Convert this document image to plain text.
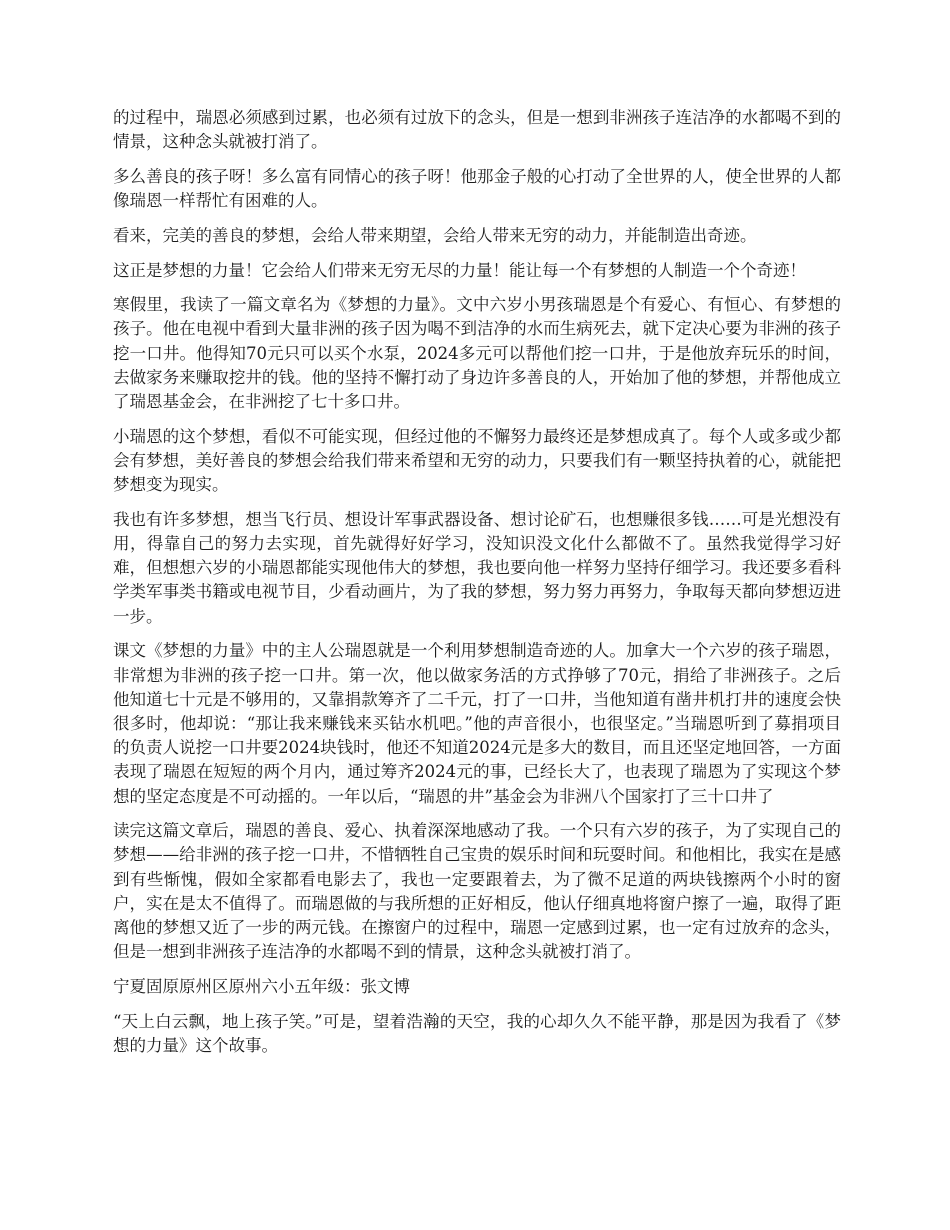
的过程中，瑞恩必须感到过累，也必须有过放下的念头，但是一想到非洲孩子连洁净的水都喝不到的情景，这种念头就被打消了。

多么善良的孩子呀！多么富有同情心的孩子呀！他那金子般的心打动了全世界的人，使全世界的人都像瑞恩一样帮忙有困难的人。

看来，完美的善良的梦想，会给人带来期望，会给人带来无穷的动力，并能制造出奇迹。

这正是梦想的力量！它会给人们带来无穷无尽的力量！能让每一个有梦想的人制造一个个奇迹！

寒假里，我读了一篇文章名为《梦想的力量》。文中六岁小男孩瑞恩是个有爱心、有恒心、有梦想的孩子。他在电视中看到大量非洲的孩子因为喝不到洁净的水而生病死去，就下定决心要为非洲的孩子挖一口井。他得知70元只可以买个水泵，2024多元可以帮他们挖一口井，于是他放弃玩乐的时间，去做家务来赚取挖井的钱。他的坚持不懈打动了身边许多善良的人，开始加了他的梦想，并帮他成立了瑞恩基金会，在非洲挖了七十多口井。

小瑞恩的这个梦想，看似不可能实现，但经过他的不懈努力最终还是梦想成真了。每个人或多或少都会有梦想，美好善良的梦想会给我们带来希望和无穷的动力，只要我们有一颗坚持执着的心，就能把梦想变为现实。

我也有许多梦想，想当飞行员、想设计军事武器设备、想讨论矿石，也想赚很多钱……可是光想没有用，得靠自己的努力去实现，首先就得好好学习，没知识没文化什么都做不了。虽然我觉得学习好难，但想想六岁的小瑞恩都能实现他伟大的梦想，我也要向他一样努力坚持仔细学习。我还要多看科学类军事类书籍或电视节目，少看动画片，为了我的梦想，努力努力再努力，争取每天都向梦想迈进一步。

课文《梦想的力量》中的主人公瑞恩就是一个利用梦想制造奇迹的人。加拿大一个六岁的孩子瑞恩，非常想为非洲的孩子挖一口井。第一次，他以做家务活的方式挣够了70元，捐给了非洲孩子。之后他知道七十元是不够用的，又靠捐款筹齐了二千元，打了一口井，当他知道有凿井机打井的速度会快很多时，他却说：“那让我来赚钱来买钻水机吧。”他的声音很小，也很坚定。”当瑞恩听到了募捐项目的负责人说挖一口井要2024块钱时，他还不知道2024元是多大的数目，而且还坚定地回答，一方面表现了瑞恩在短短的两个月内，通过筹齐2024元的事，已经长大了，也表现了瑞恩为了实现这个梦想的坚定态度是不可动摇的。一年以后，“瑞恩的井”基金会为非洲八个国家打了三十口井了

读完这篇文章后，瑞恩的善良、爱心、执着深深地感动了我。一个只有六岁的孩子，为了实现自己的梦想——给非洲的孩子挖一口井，不惜牺牲自己宝贵的娱乐时间和玩耍时间。和他相比，我实在是感到有些惭愧，假如全家都看电影去了，我也一定要跟着去，为了微不足道的两块钱擦两个小时的窗户，实在是太不值得了。而瑞恩做的与我所想的正好相反，他认仔细真地将窗户擦了一遍，取得了距离他的梦想又近了一步的两元钱。在擦窗户的过程中，瑞恩一定感到过累，也一定有过放弃的念头，但是一想到非洲孩子连洁净的水都喝不到的情景，这种念头就被打消了。

宁夏固原原州区原州六小五年级：张文博

“天上白云飘，地上孩子笑。”可是，望着浩瀚的天空，我的心却久久不能平静，那是因为我看了《梦想的力量》这个故事。
